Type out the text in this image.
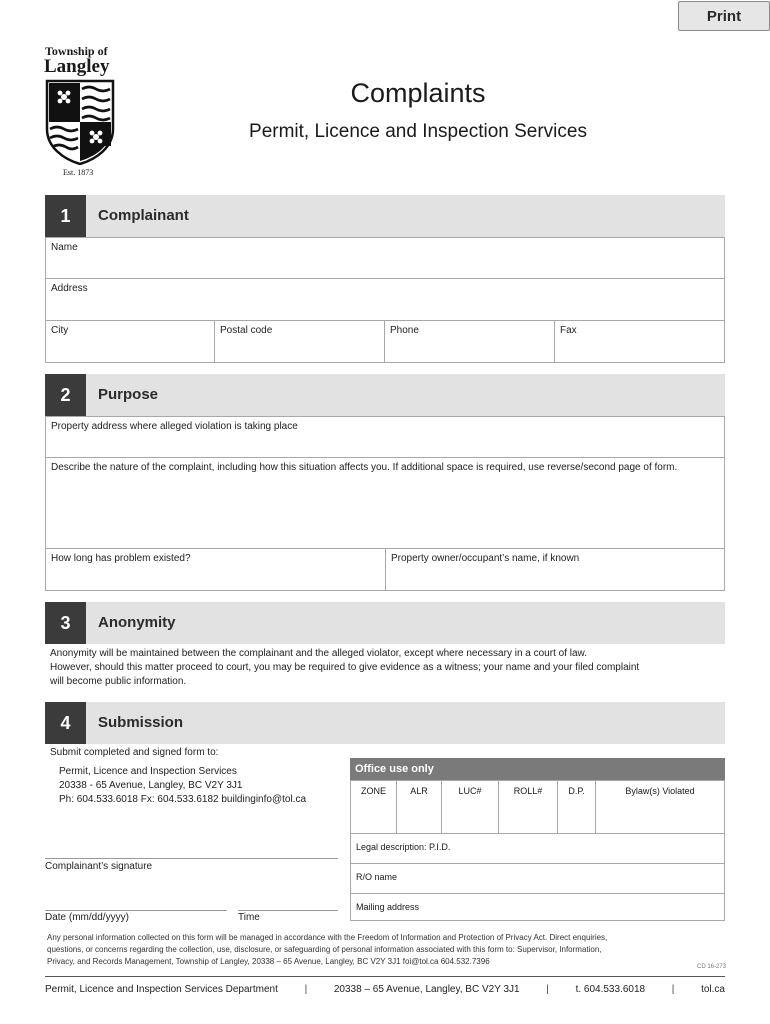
Print
Township of
Langley
Est. 1873
Complaints
Permit, Licence and Inspection Services
1	Complainant
Name
Address
City	Postal code	Phone	Fax
2	Purpose
Property address where alleged violation is taking place
Describe the nature of the complaint, including how this situation affects you. If additional space is required, use reverse/second page of form.
How long has problem existed?	Property owner/occupant’s name, if known
3	Anonymity
Anonymity will be maintained between the complainant and the alleged violator, except where necessary in a court of law.
However, should this matter proceed to court, you may be required to give evidence as a witness; your name and your filed complaint
will become public information.
4	Submission
Submit completed and signed form to:
Permit, Licence and Inspection Services
20338 - 65 Avenue, Langley, BC V2Y 3J1
Ph: 604.533.6018 Fx: 604.533.6182 buildinginfo@tol.ca
Complainant’s signature
Date (mm/dd/yyyy)	Time
Office use only
ZONE	ALR	LUC#	ROLL#	D.P.	Bylaw(s) Violated
Legal description: P.I.D.
R/O name
Mailing address
Any personal information collected on this form will be managed in accordance with the Freedom of Information and Protection of Privacy Act. Direct enquiries,
questions, or concerns regarding the collection, use, disclosure, or safeguarding of personal information associated with this form to: Supervisor, Information,
Privacy, and Records Management, Township of Langley, 20338 – 65 Avenue, Langley, BC V2Y 3J1 foi@tol.ca 604.532.7396
CD 16-273
Permit, Licence and Inspection Services Department	|	20338 – 65 Avenue, Langley, BC V2Y 3J1	|	t. 604.533.6018	|	tol.ca
